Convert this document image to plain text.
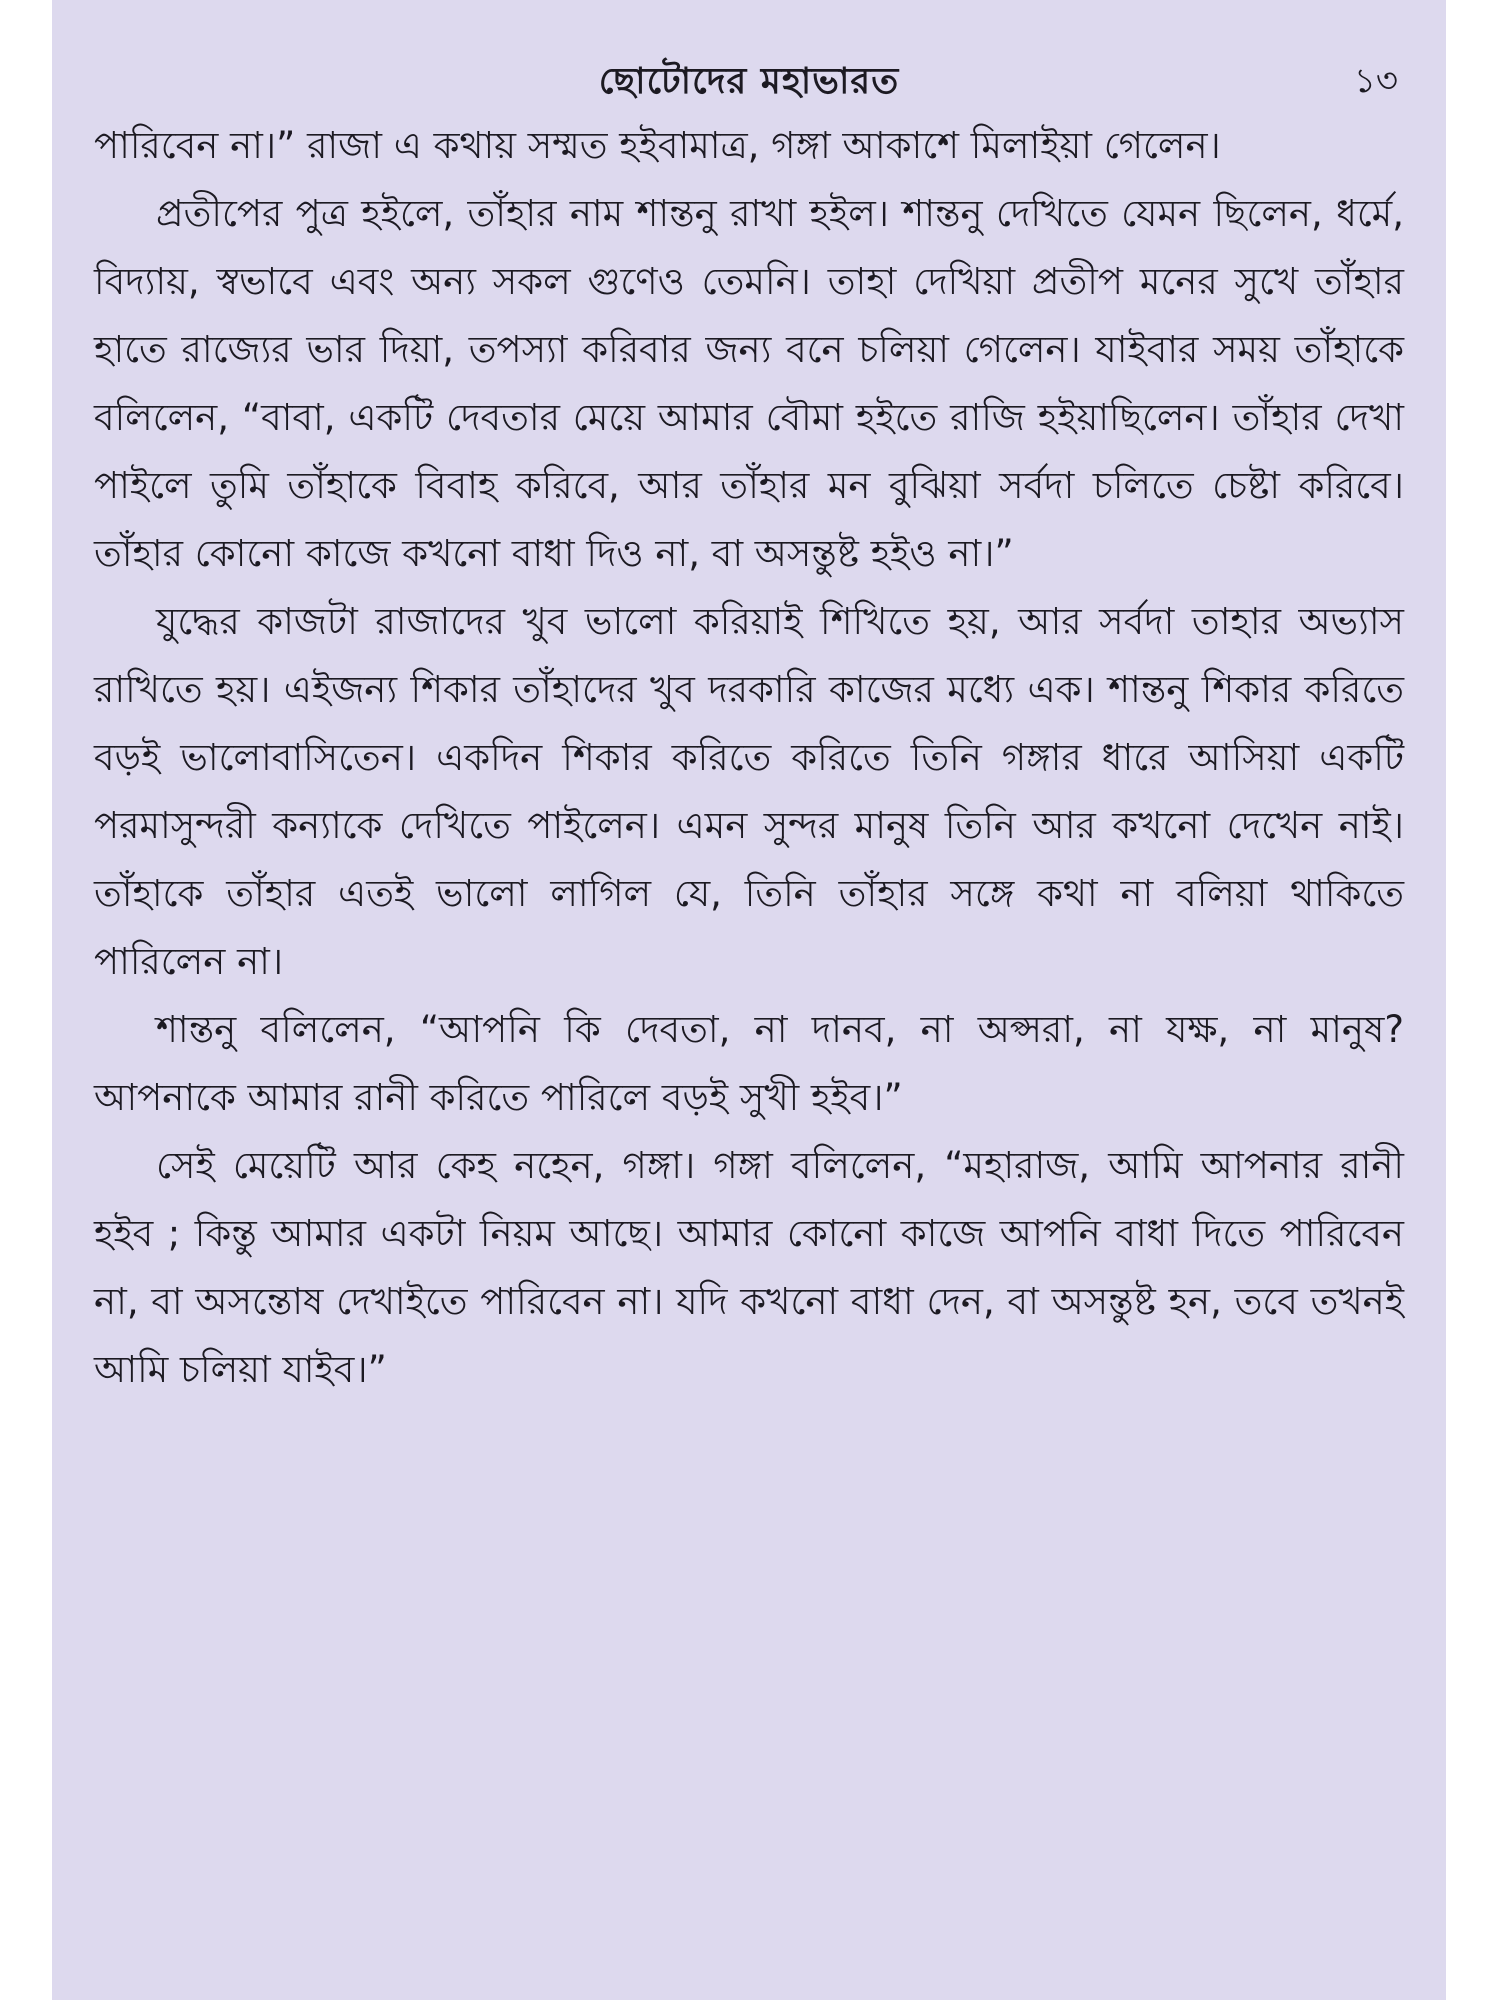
ছোটোদের মহাভারত	১৩

পারিবেন না।” রাজা এ কথায় সম্মত হইবামাত্র, গঙ্গা আকাশে মিলাইয়া গেলেন।

প্রতীপের পুত্র হইলে, তাঁহার নাম শান্তনু রাখা হইল। শান্তনু দেখিতে যেমন ছিলেন, ধর্মে, বিদ্যায়, স্বভাবে এবং অন্য সকল গুণেও তেমনি। তাহা দেখিয়া প্রতীপ মনের সুখে তাঁহার হাতে রাজ্যের ভার দিয়া, তপস্যা করিবার জন্য বনে চলিয়া গেলেন। যাইবার সময় তাঁহাকে বলিলেন, “বাবা, একটি দেবতার মেয়ে আমার বৌমা হইতে রাজি হইয়াছিলেন। তাঁহার দেখা পাইলে তুমি তাঁহাকে বিবাহ করিবে, আর তাঁহার মন বুঝিয়া সর্বদা চলিতে চেষ্টা করিবে। তাঁহার কোনো কাজে কখনো বাধা দিও না, বা অসন্তুষ্ট হইও না।”

যুদ্ধের কাজটা রাজাদের খুব ভালো করিয়াই শিখিতে হয়, আর সর্বদা তাহার অভ্যাস রাখিতে হয়। এইজন্য শিকার তাঁহাদের খুব দরকারি কাজের মধ্যে এক। শান্তনু শিকার করিতে বড়ই ভালোবাসিতেন। একদিন শিকার করিতে করিতে তিনি গঙ্গার ধারে আসিয়া একটি পরমাসুন্দরী কন্যাকে দেখিতে পাইলেন। এমন সুন্দর মানুষ তিনি আর কখনো দেখেন নাই। তাঁহাকে তাঁহার এতই ভালো লাগিল যে, তিনি তাঁহার সঙ্গে কথা না বলিয়া থাকিতে পারিলেন না।

শান্তনু বলিলেন, “আপনি কি দেবতা, না দানব, না অপ্সরা, না যক্ষ, না মানুষ? আপনাকে আমার রানী করিতে পারিলে বড়ই সুখী হইব।”

সেই মেয়েটি আর কেহ নহেন, গঙ্গা। গঙ্গা বলিলেন, “মহারাজ, আমি আপনার রানী হইব ; কিন্তু আমার একটা নিয়ম আছে। আমার কোনো কাজে আপনি বাধা দিতে পারিবেন না, বা অসন্তোষ দেখাইতে পারিবেন না। যদি কখনো বাধা দেন, বা অসন্তুষ্ট হন, তবে তখনই আমি চলিয়া যাইব।”
